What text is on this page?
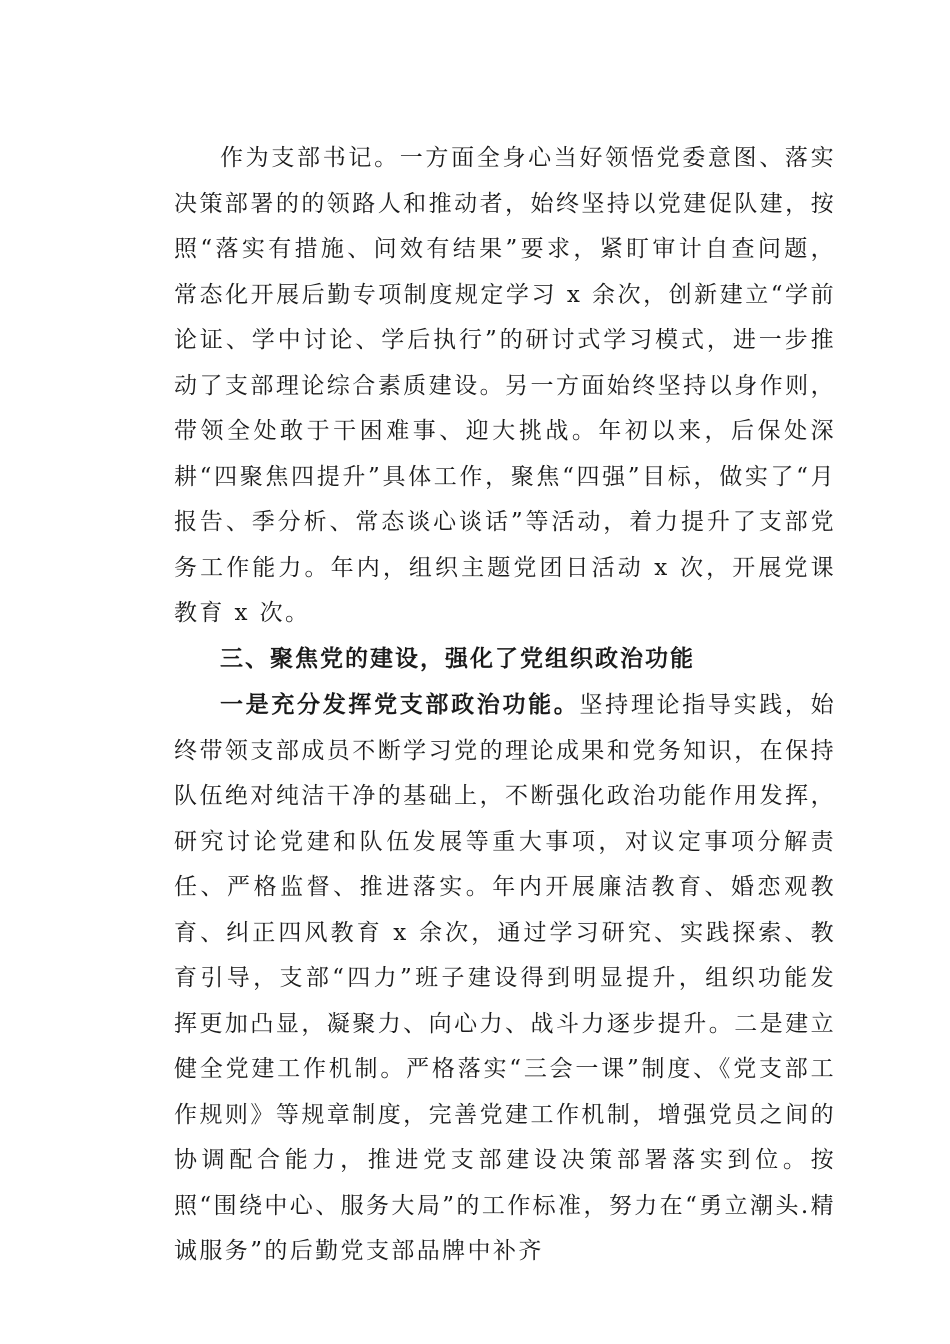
作为支部书记。一方面全身心当好领悟党委意图、落实决策部署的的领路人和推动者，始终坚持以党建促队建，按照“落实有措施、问效有结果”要求，紧盯审计自查问题，常态化开展后勤专项制度规定学习 x 余次，创新建立“学前论证、学中讨论、学后执行”的研讨式学习模式，进一步推动了支部理论综合素质建设。另一方面始终坚持以身作则，带领全处敢于干困难事、迎大挑战。年初以来，后保处深耕“四聚焦四提升”具体工作，聚焦“四强”目标，做实了“月报告、季分析、常态谈心谈话”等活动，着力提升了支部党务工作能力。年内，组织主题党团日活动 x 次，开展党课教育 x 次。

三、聚焦党的建设，强化了党组织政治功能

一是充分发挥党支部政治功能。坚持理论指导实践，始终带领支部成员不断学习党的理论成果和党务知识，在保持队伍绝对纯洁干净的基础上，不断强化政治功能作用发挥，研究讨论党建和队伍发展等重大事项，对议定事项分解责任、严格监督、推进落实。年内开展廉洁教育、婚恋观教育、纠正四风教育 x 余次，通过学习研究、实践探索、教育引导，支部“四力”班子建设得到明显提升，组织功能发挥更加凸显，凝聚力、向心力、战斗力逐步提升。二是建立健全党建工作机制。严格落实“三会一课”制度、《党支部工作规则》等规章制度，完善党建工作机制，增强党员之间的协调配合能力，推进党支部建设决策部署落实到位。按照“围绕中心、服务大局”的工作标准，努力在“勇立潮头.精诚服务”的后勤党支部品牌中补齐
